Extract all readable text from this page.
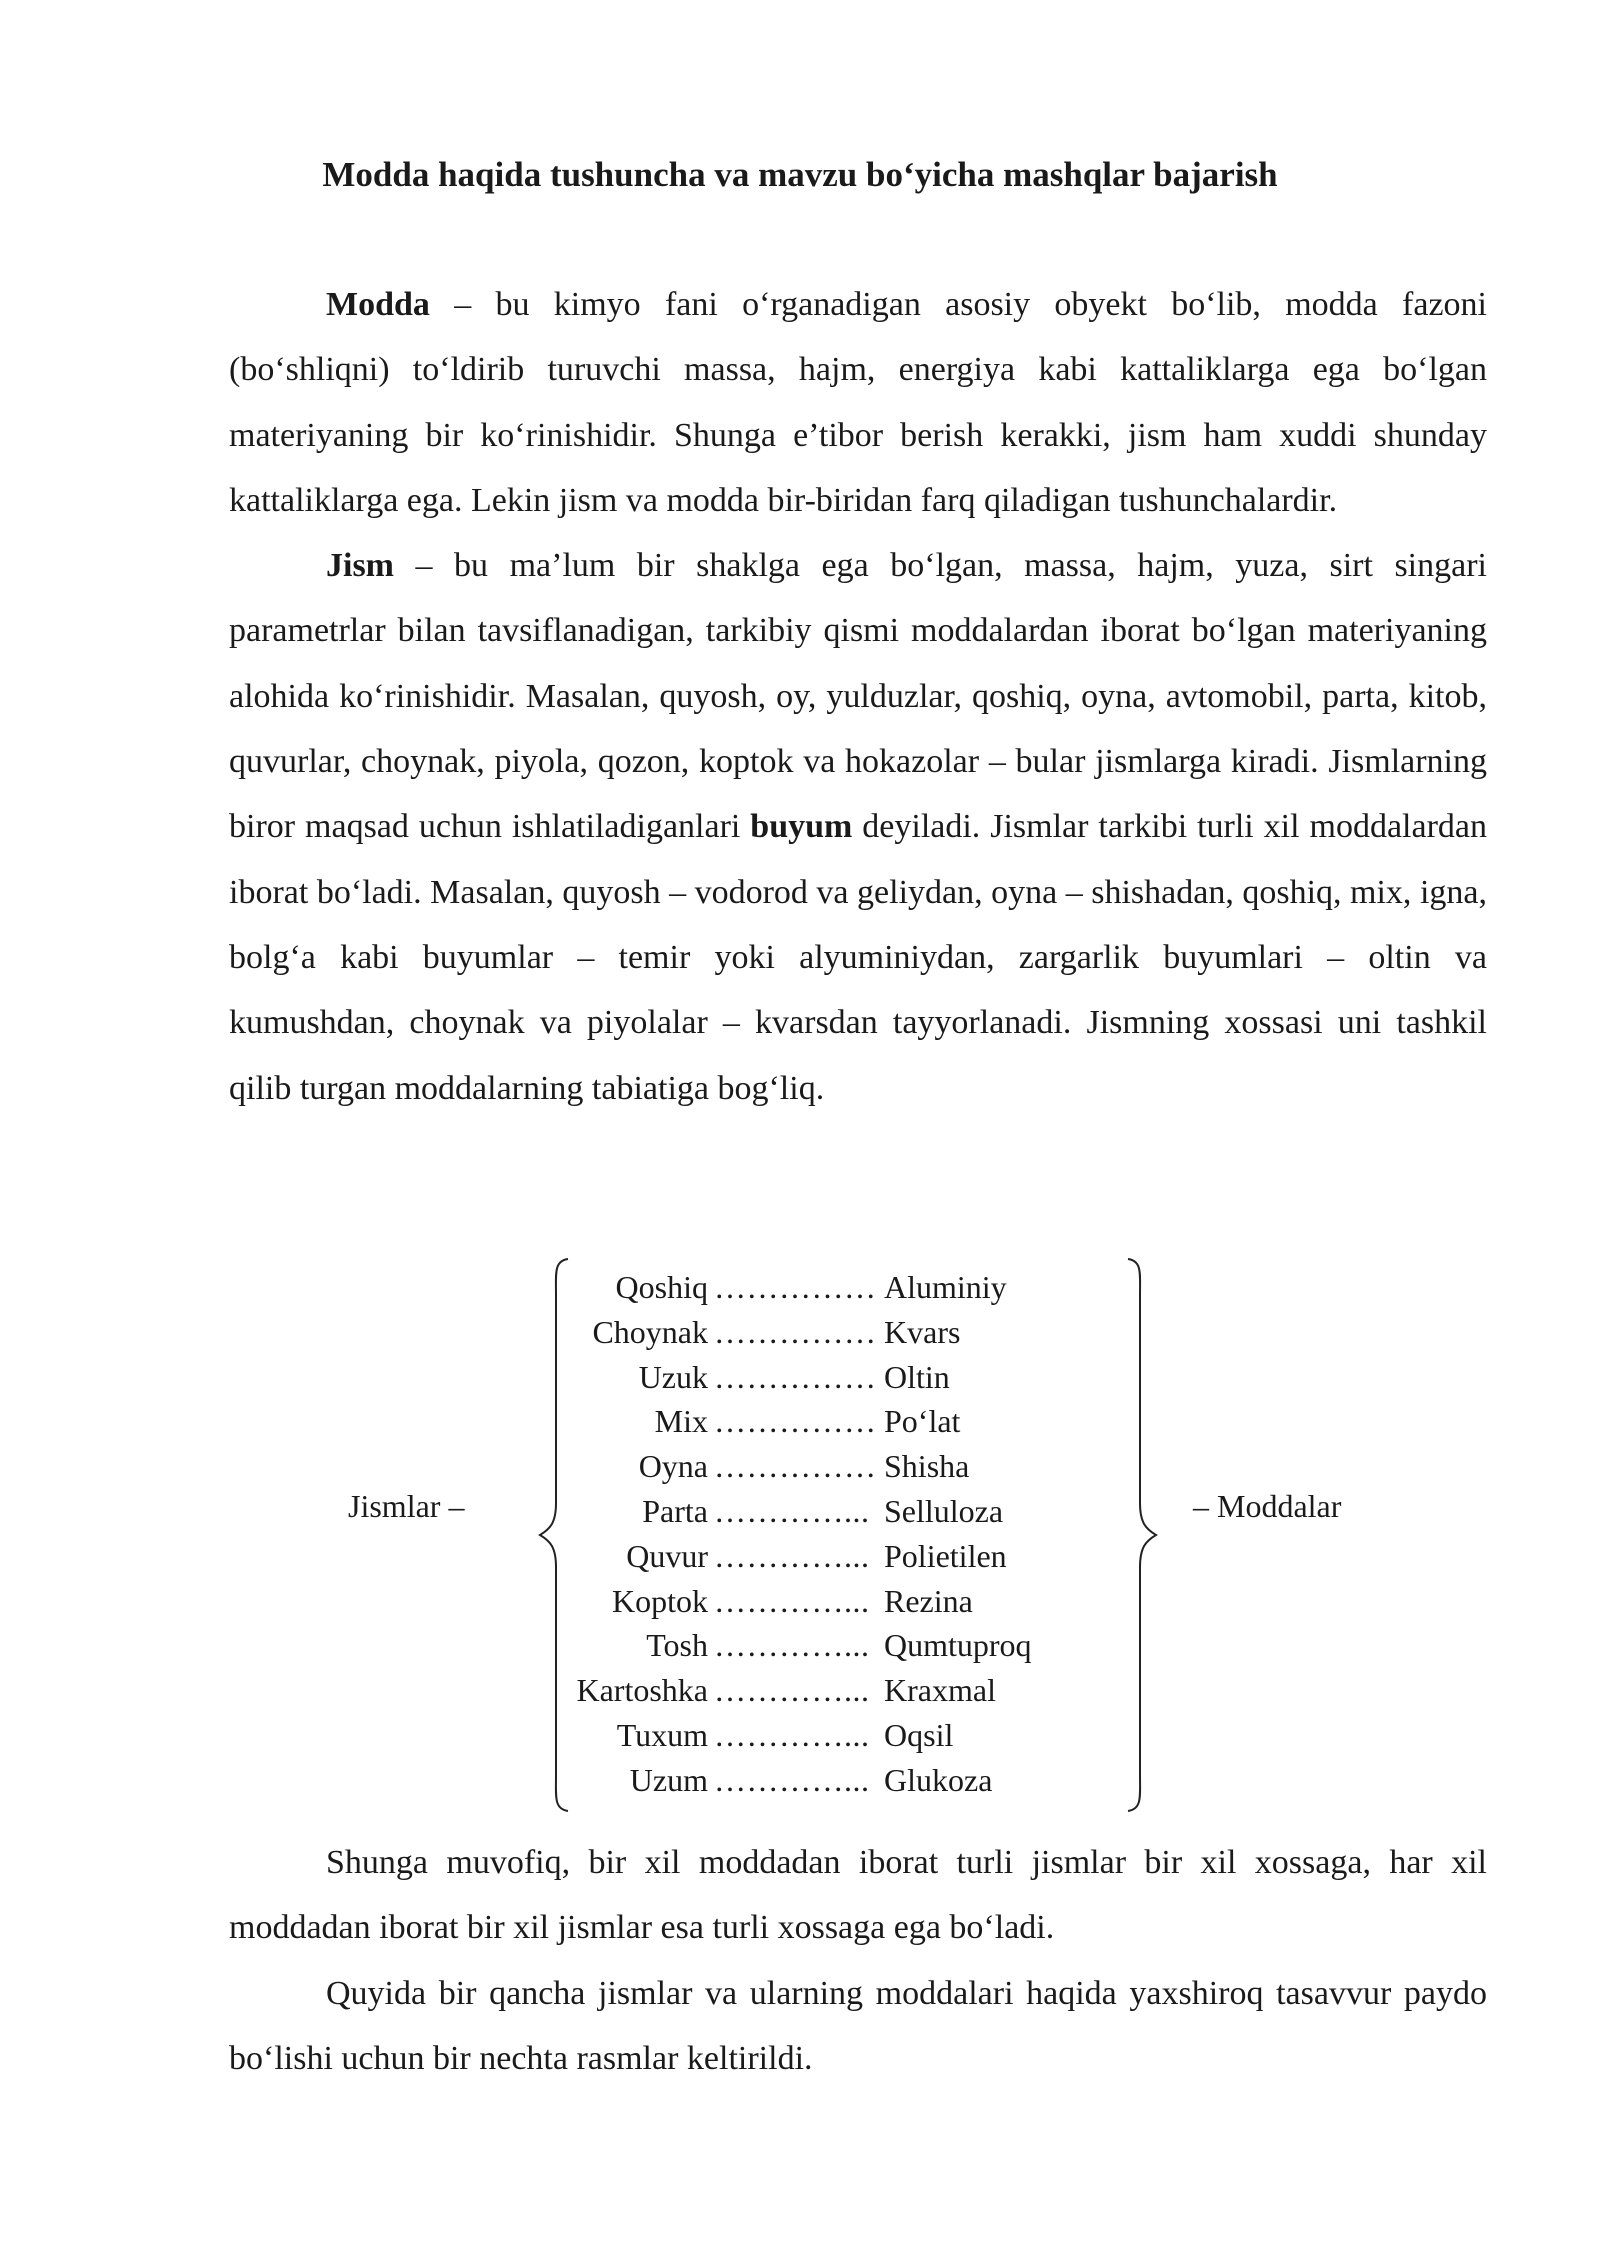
Modda haqida tushuncha va mavzu bo‘yicha mashqlar bajarish

Modda – bu kimyo fani o‘rganadigan asosiy obyekt bo‘lib, modda fazoni (bo‘shliqni) to‘ldirib turuvchi massa, hajm, energiya kabi kattaliklarga ega bo‘lgan materiyaning bir ko‘rinishidir. Shunga e’tibor berish kerakki, jism ham xuddi shunday kattaliklarga ega. Lekin jism va modda bir-biridan farq qiladigan tushunchalardir.

Jism – bu ma’lum bir shaklga ega bo‘lgan, massa, hajm, yuza, sirt singari parametrlar bilan tavsiflanadigan, tarkibiy qismi moddalardan iborat bo‘lgan materiyaning alohida ko‘rinishidir. Masalan, quyosh, oy, yulduzlar, qoshiq, oyna, avtomobil, parta, kitob, quvurlar, choynak, piyola, qozon, koptok va hokazolar – bular jismlarga kiradi. Jismlarning biror maqsad uchun ishlatiladiganlari buyum deyiladi. Jismlar tarkibi turli xil moddalardan iborat bo‘ladi. Masalan, quyosh – vodorod va geliydan, oyna – shishadan, qoshiq, mix, igna, bolg‘a kabi buyumlar – temir yoki alyuminiydan, zargarlik buyumlari – oltin va kumushdan, choynak va piyolalar – kvarsdan tayyorlanadi. Jismning xossasi uni tashkil qilib turgan moddalarning tabiatiga bog‘liq.

Jismlar –
Qoshiq …………… Aluminiy
Choynak …………… Kvars
Uzuk …………… Oltin
Mix …………… Po‘lat
Oyna …………… Shisha
Parta …………... Selluloza
Quvur …………... Polietilen
Koptok …………... Rezina
Tosh …………... Qumtuproq
Kartoshka …………... Kraxmal
Tuxum …………... Oqsil
Uzum …………... Glukoza
– Moddalar

Shunga muvofiq, bir xil moddadan iborat turli jismlar bir xil xossaga, har xil moddadan iborat bir xil jismlar esa turli xossaga ega bo‘ladi.

Quyida bir qancha jismlar va ularning moddalari haqida yaxshiroq tasavvur paydo bo‘lishi uchun bir nechta rasmlar keltirildi.
